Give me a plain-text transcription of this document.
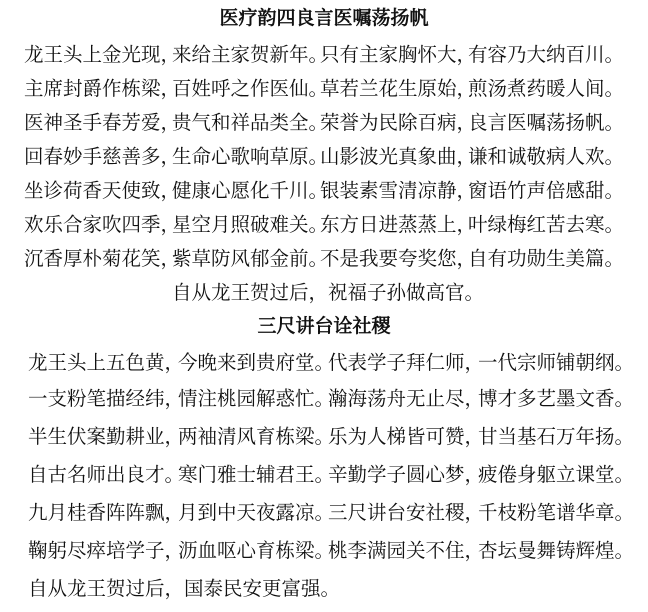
医疗韵四良言医嘱荡扬帆
龙王头上金光现，来给主家贺新年。只有主家胸怀大，有容乃大纳百川。
主席封爵作栋梁，百姓呼之作医仙。草若兰花生原始，煎汤煮药暖人间。
医神圣手春芳爱，贵气和祥品类全。荣誉为民除百病，良言医嘱荡扬帆。
回春妙手慈善多，生命心歌响草原。山影波光真象曲，谦和诚敬病人欢。
坐诊荷香天使致，健康心愿化千川。银装素雪清凉静，窗语竹声倍感甜。
欢乐合家吹四季，星空月照破难关。东方日进蒸蒸上，叶绿梅红苦去寒。
沉香厚朴菊花笑，紫草防风郁金前。不是我要夸奖您，自有功勋生美篇。
自从龙王贺过后，祝福子孙做高官。
三尺讲台诠社稷
龙王头上五色黄，今晚来到贵府堂。代表学子拜仁师，一代宗师铺朝纲。
一支粉笔描经纬，情注桃园解惑忙。瀚海荡舟无止尽，博才多艺墨文香。
半生伏案勤耕业，两袖清风育栋梁。乐为人梯皆可赞，甘当基石万年扬。
自古名师出良才。寒门雅士辅君王。辛勤学子圆心梦，疲倦身躯立课堂。
九月桂香阵阵飘，月到中天夜露凉。三尺讲台安社稷，千枝粉笔谱华章。
鞠躬尽瘁培学子，沥血呕心育栋梁。桃李满园关不住，杏坛曼舞铸辉煌。
自从龙王贺过后，国泰民安更富强。
